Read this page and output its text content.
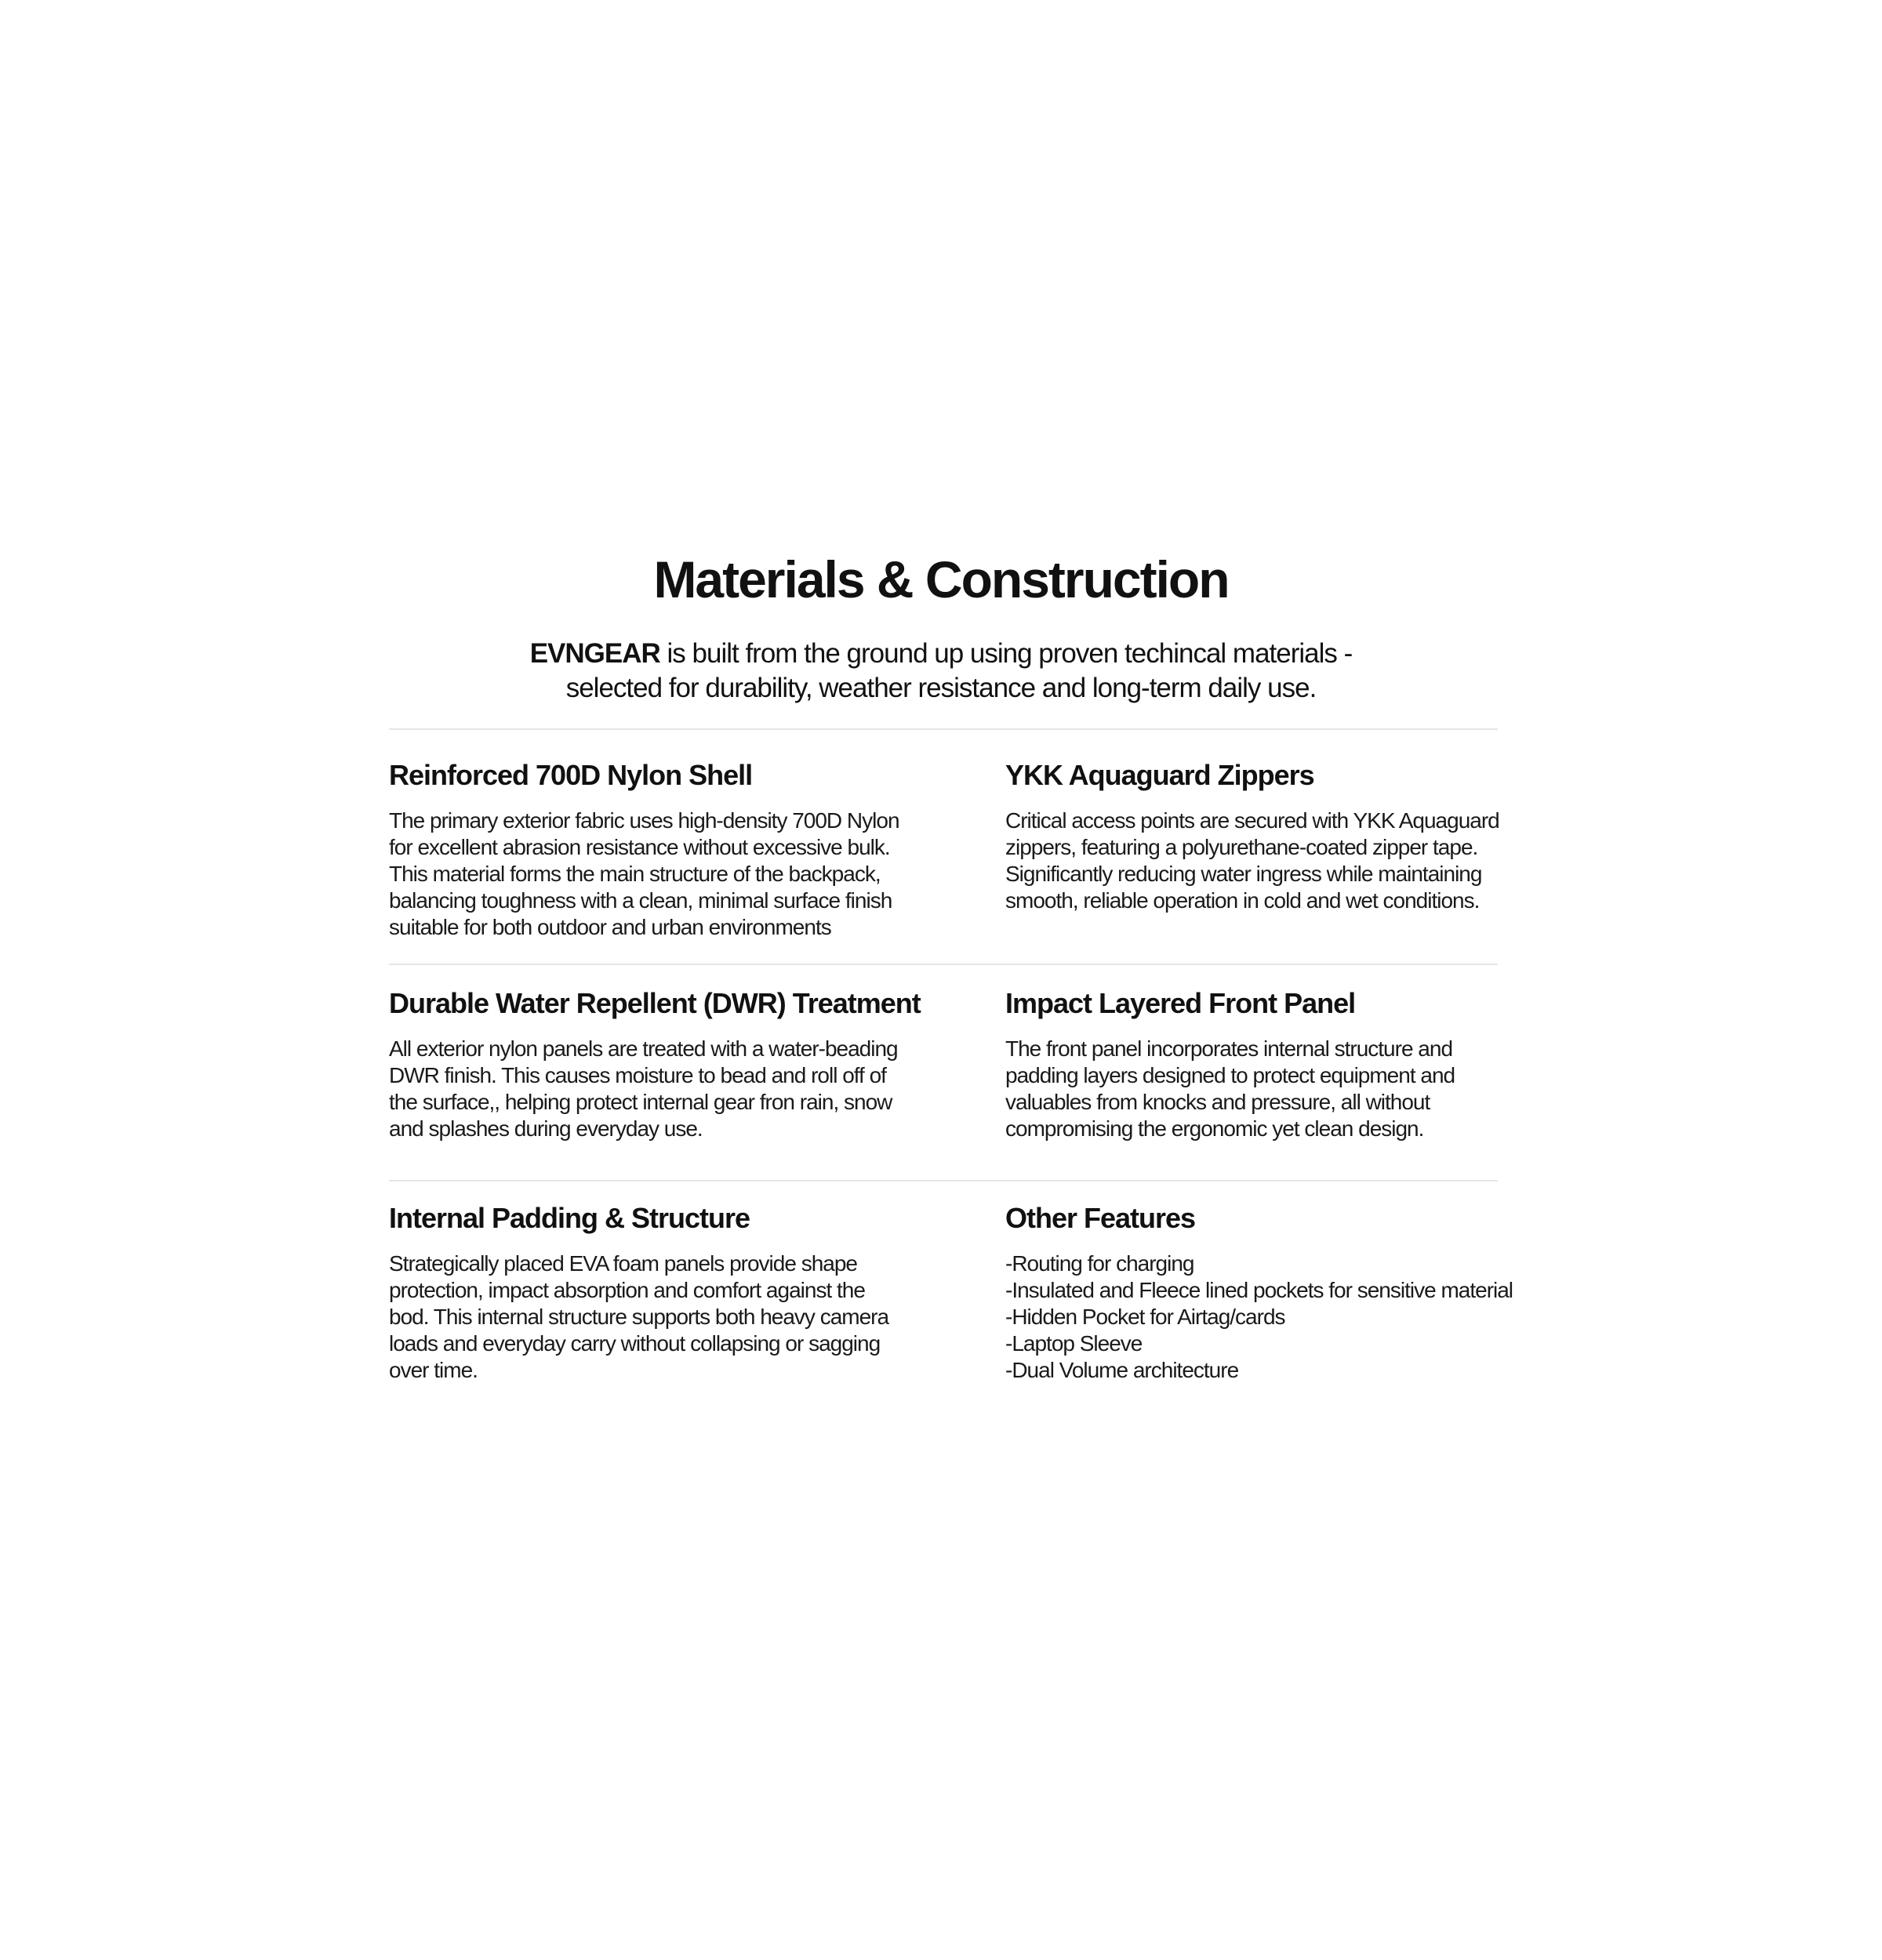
Materials & Construction
EVNGEAR is built from the ground up using proven techincal materials -
selected for durability, weather resistance and long-term daily use.
Reinforced 700D Nylon Shell

The primary exterior fabric uses high-density 700D Nylon
for excellent abrasion resistance without excessive bulk.
This material forms the main structure of the backpack,
balancing toughness with a clean, minimal surface finish
suitable for both outdoor and urban environments

YKK Aquaguard Zippers

Critical access points are secured with YKK Aquaguard
zippers, featuring a polyurethane-coated zipper tape.
Significantly reducing water ingress while maintaining
smooth, reliable operation in cold and wet conditions.

Durable Water Repellent (DWR) Treatment

All exterior nylon panels are treated with a water-beading
DWR finish. This causes moisture to bead and roll off of
the surface,, helping protect internal gear fron rain, snow
and splashes during everyday use.

Impact Layered Front Panel

The front panel incorporates internal structure and
padding layers designed to protect equipment and
valuables from knocks and pressure, all without
compromising the ergonomic yet clean design.

Internal Padding & Structure

Strategically placed EVA foam panels provide shape
protection, impact absorption and comfort against the
bod. This internal structure supports both heavy camera
loads and everyday carry without collapsing or sagging
over time.

Other Features
-Routing for charging
-Insulated and Fleece lined pockets for sensitive material
-Hidden Pocket for Airtag/cards
-Laptop Sleeve
-Dual Volume architecture
